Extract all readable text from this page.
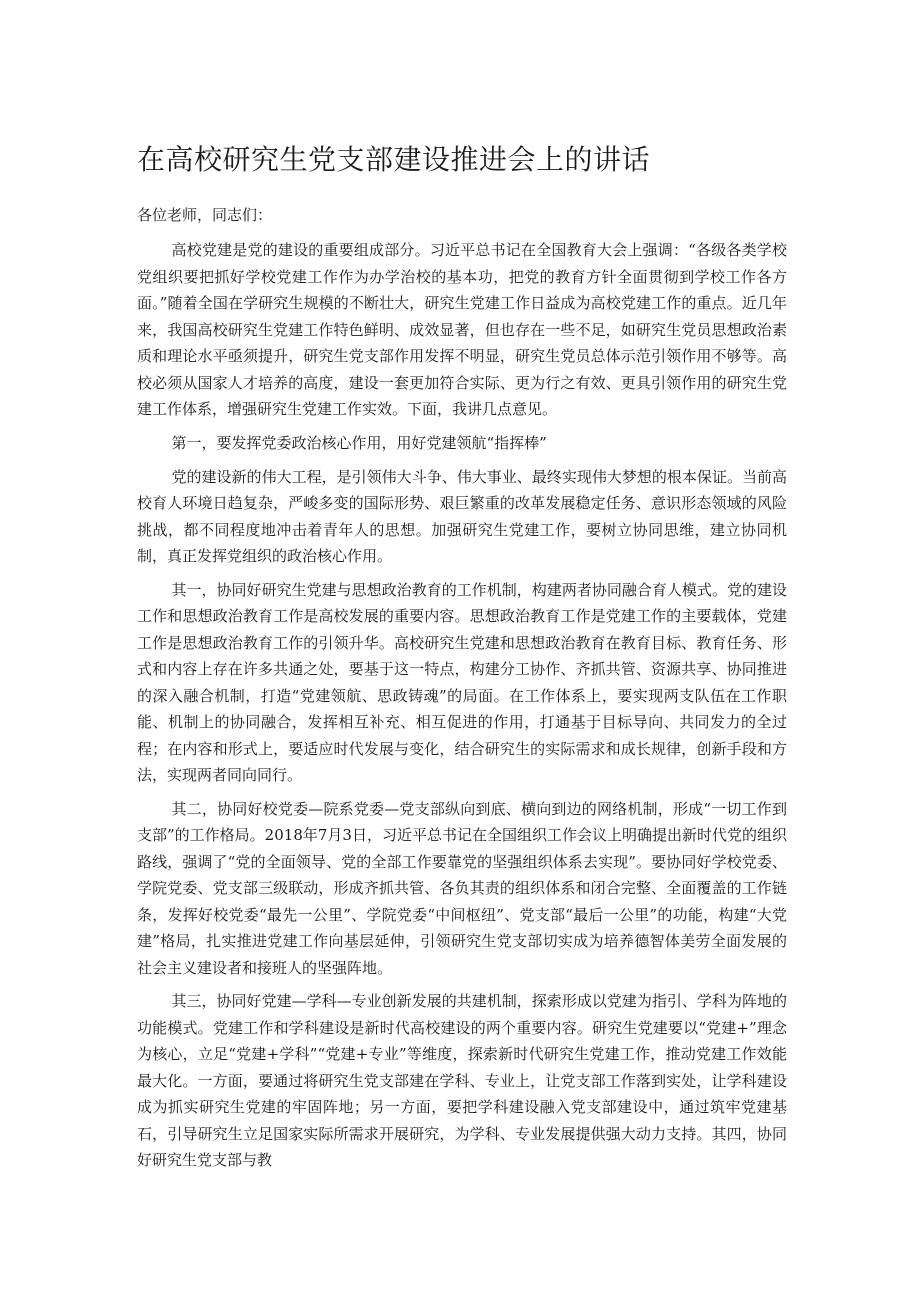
在高校研究生党支部建设推进会上的讲话

各位老师，同志们：

高校党建是党的建设的重要组成部分。习近平总书记在全国教育大会上强调：“各级各类学校党组织要把抓好学校党建工作作为办学治校的基本功，把党的教育方针全面贯彻到学校工作各方面。”随着全国在学研究生规模的不断壮大，研究生党建工作日益成为高校党建工作的重点。近几年来，我国高校研究生党建工作特色鲜明、成效显著，但也存在一些不足，如研究生党员思想政治素质和理论水平亟须提升，研究生党支部作用发挥不明显，研究生党员总体示范引领作用不够等。高校必须从国家人才培养的高度，建设一套更加符合实际、更为行之有效、更具引领作用的研究生党建工作体系，增强研究生党建工作实效。下面，我讲几点意见。

第一，要发挥党委政治核心作用，用好党建领航“指挥棒”

党的建设新的伟大工程，是引领伟大斗争、伟大事业、最终实现伟大梦想的根本保证。当前高校育人环境日趋复杂，严峻多变的国际形势、艰巨繁重的改革发展稳定任务、意识形态领域的风险挑战，都不同程度地冲击着青年人的思想。加强研究生党建工作，要树立协同思维，建立协同机制，真正发挥党组织的政治核心作用。

其一，协同好研究生党建与思想政治教育的工作机制，构建两者协同融合育人模式。党的建设工作和思想政治教育工作是高校发展的重要内容。思想政治教育工作是党建工作的主要载体，党建工作是思想政治教育工作的引领升华。高校研究生党建和思想政治教育在教育目标、教育任务、形式和内容上存在许多共通之处，要基于这一特点，构建分工协作、齐抓共管、资源共享、协同推进的深入融合机制，打造“党建领航、思政铸魂”的局面。在工作体系上，要实现两支队伍在工作职能、机制上的协同融合，发挥相互补充、相互促进的作用，打通基于目标导向、共同发力的全过程；在内容和形式上，要适应时代发展与变化，结合研究生的实际需求和成长规律，创新手段和方法，实现两者同向同行。

其二，协同好校党委—院系党委—党支部纵向到底、横向到边的网络机制，形成“一切工作到支部”的工作格局。2018年7月3日，习近平总书记在全国组织工作会议上明确提出新时代党的组织路线，强调了“党的全面领导、党的全部工作要靠党的坚强组织体系去实现”。要协同好学校党委、学院党委、党支部三级联动，形成齐抓共管、各负其责的组织体系和闭合完整、全面覆盖的工作链条，发挥好校党委“最先一公里”、学院党委“中间枢纽”、党支部“最后一公里”的功能，构建“大党建”格局，扎实推进党建工作向基层延伸，引领研究生党支部切实成为培养德智体美劳全面发展的社会主义建设者和接班人的坚强阵地。

其三，协同好党建—学科—专业创新发展的共建机制，探索形成以党建为指引、学科为阵地的功能模式。党建工作和学科建设是新时代高校建设的两个重要内容。研究生党建要以“党建+”理念为核心，立足“党建+学科”“党建+专业”等维度，探索新时代研究生党建工作，推动党建工作效能最大化。一方面，要通过将研究生党支部建在学科、专业上，让党支部工作落到实处，让学科建设成为抓实研究生党建的牢固阵地；另一方面，要把学科建设融入党支部建设中，通过筑牢党建基石，引导研究生立足国家实际所需求开展研究，为学科、专业发展提供强大动力支持。其四，协同好研究生党支部与教
